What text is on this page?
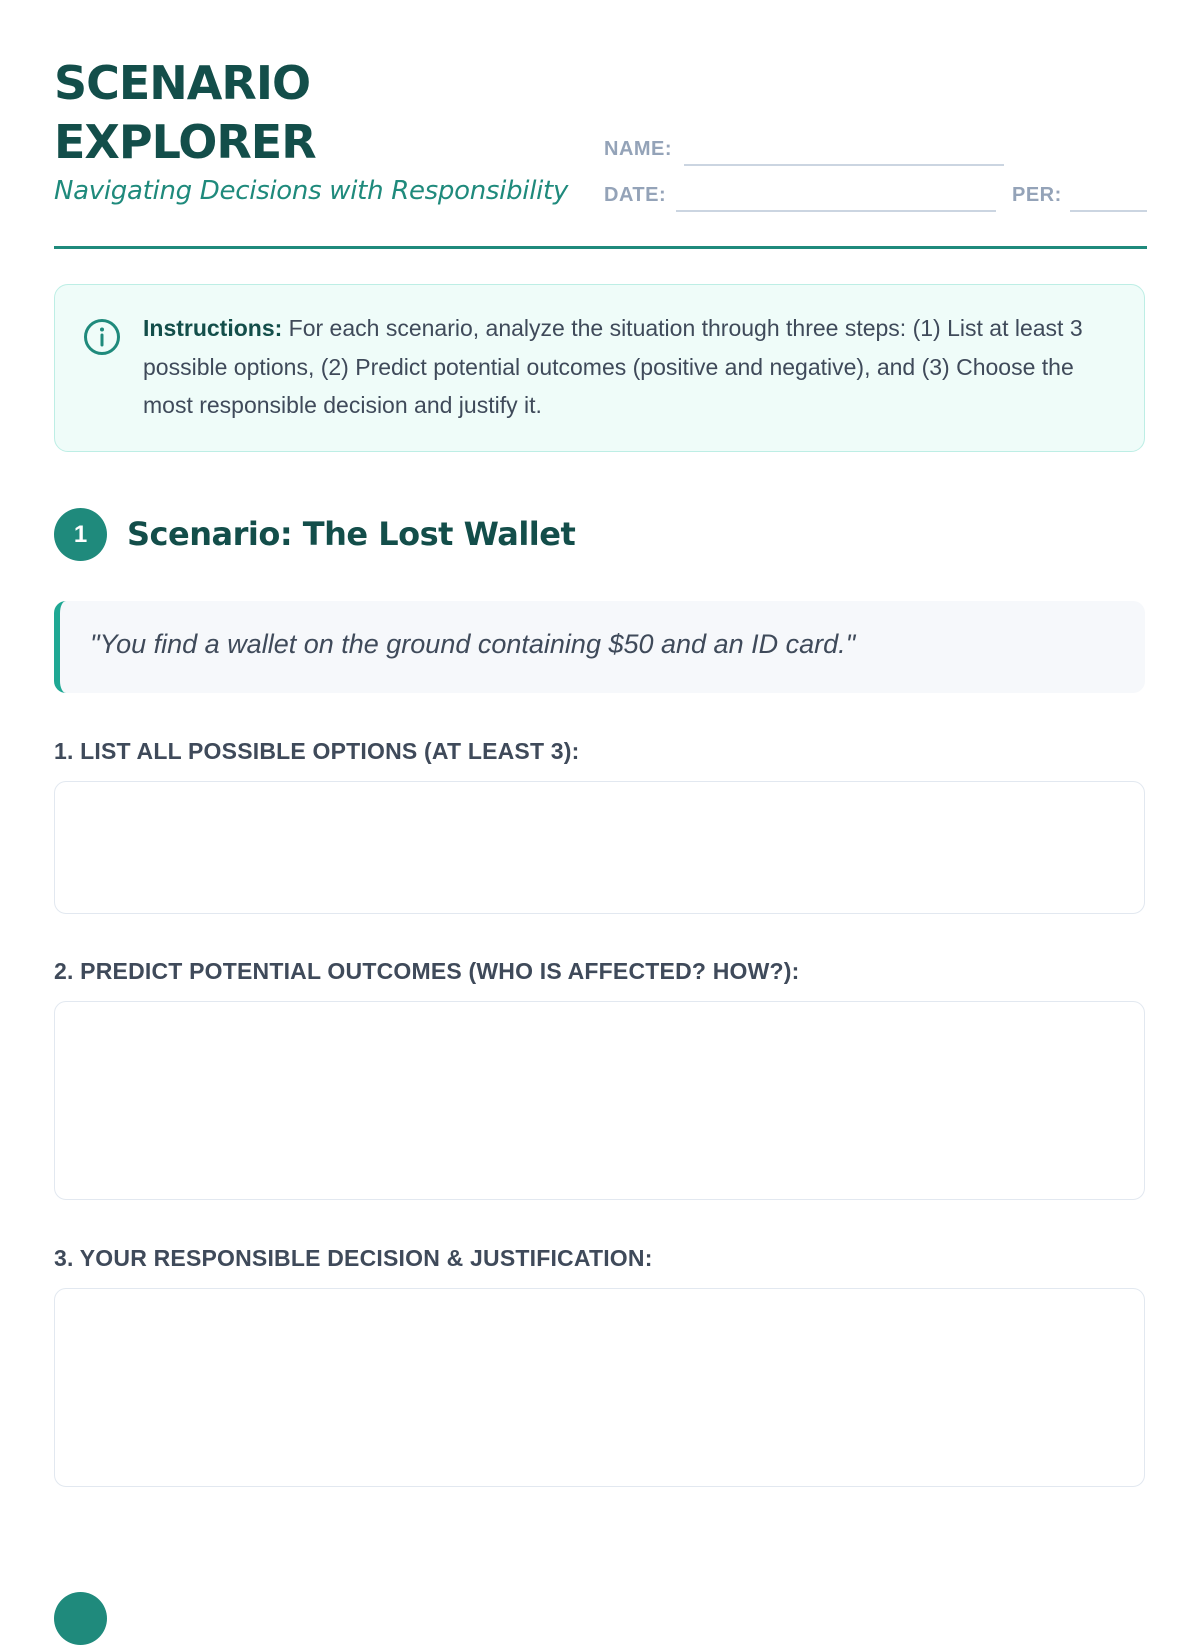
SCENARIO
EXPLORER
Navigating Decisions with Responsibility
NAME:
DATE:	PER:
Instructions: For each scenario, analyze the situation through three steps: (1) List at least 3 possible options, (2) Predict potential outcomes (positive and negative), and (3) Choose the most responsible decision and justify it.
1	Scenario: The Lost Wallet
"You find a wallet on the ground containing $50 and an ID card."
1. LIST ALL POSSIBLE OPTIONS (AT LEAST 3):
2. PREDICT POTENTIAL OUTCOMES (WHO IS AFFECTED? HOW?):
3. YOUR RESPONSIBLE DECISION & JUSTIFICATION:
